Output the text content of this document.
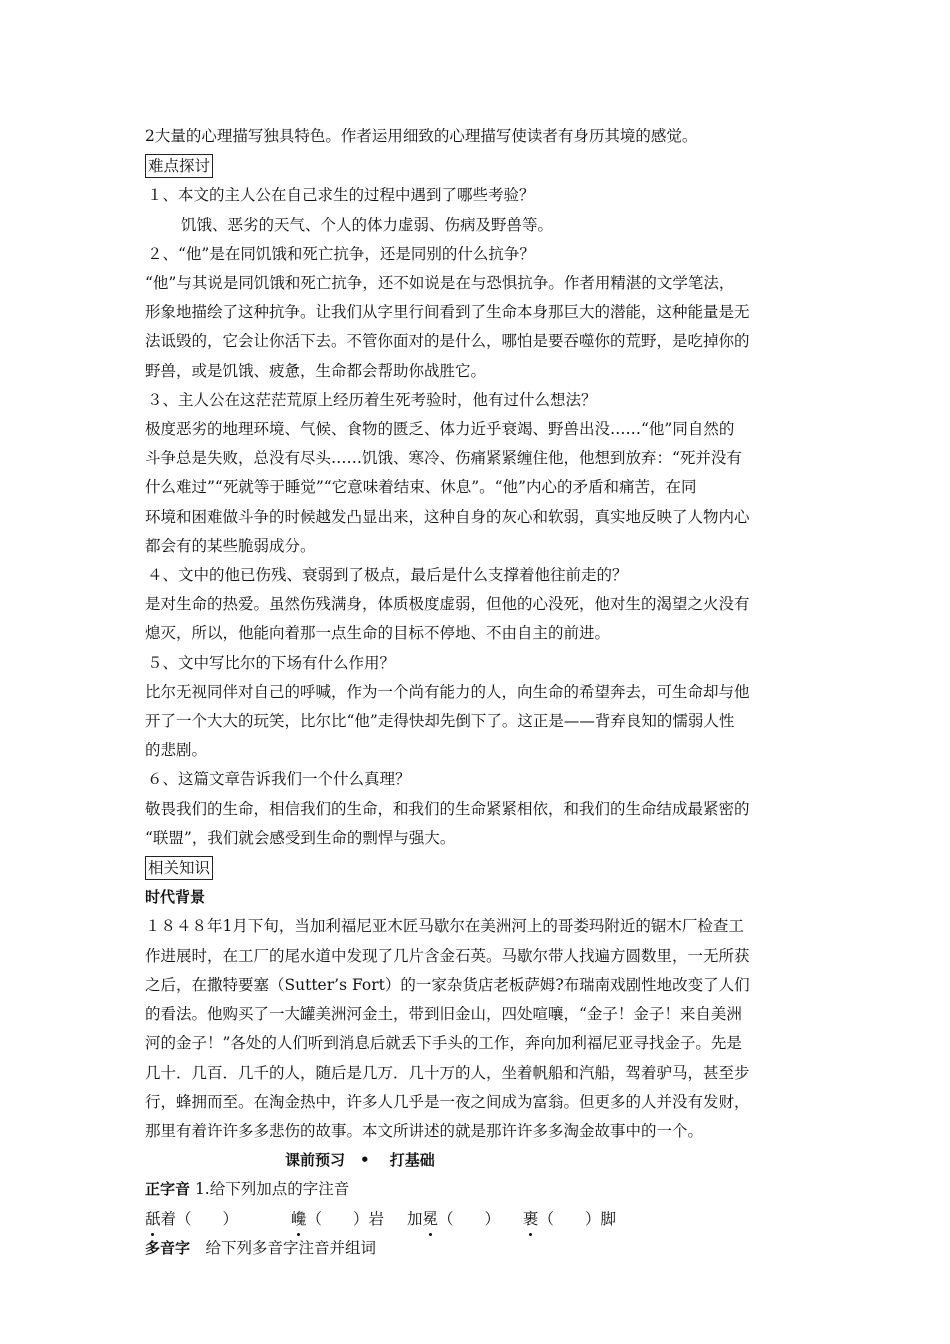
2大量的心理描写独具特色。作者运用细致的心理描写使读者有身历其境的感觉。
难点探讨
１、本文的主人公在自己求生的过程中遇到了哪些考验？
饥饿、恶劣的天气、个人的体力虚弱、伤病及野兽等。
２、“他”是在同饥饿和死亡抗争，还是同别的什么抗争？
“他”与其说是同饥饿和死亡抗争，还不如说是在与恐惧抗争。作者用精湛的文学笔法，
形象地描绘了这种抗争。让我们从字里行间看到了生命本身那巨大的潜能，这种能量是无
法诋毁的，它会让你活下去。不管你面对的是什么，哪怕是要吞噬你的荒野，是吃掉你的
野兽，或是饥饿、疲惫，生命都会帮助你战胜它。
３、主人公在这茫茫荒原上经历着生死考验时，他有过什么想法？
极度恶劣的地理环境、气候、食物的匮乏、体力近乎衰竭、野兽出没……“他”同自然的
斗争总是失败，总没有尽头……饥饿、寒冷、伤痛紧紧缠住他，他想到放弃：“死并没有
什么难过”“死就等于睡觉”“它意味着结束、休息”。“他”内心的矛盾和痛苦，在同
环境和困难做斗争的时候越发凸显出来，这种自身的灰心和软弱，真实地反映了人物内心
都会有的某些脆弱成分。
４、文中的他已伤残、衰弱到了极点，最后是什么支撑着他往前走的？
是对生命的热爱。虽然伤残满身，体质极度虚弱，但他的心没死，他对生的渴望之火没有
熄灭，所以，他能向着那一点生命的目标不停地、不由自主的前进。
５、文中写比尔的下场有什么作用？
比尔无视同伴对自己的呼喊，作为一个尚有能力的人，向生命的希望奔去，可生命却与他
开了一个大大的玩笑，比尔比“他”走得快却先倒下了。这正是——背弃良知的懦弱人性
的悲剧。
６、这篇文章告诉我们一个什么真理？
敬畏我们的生命，相信我们的生命，和我们的生命紧紧相依，和我们的生命结成最紧密的
“联盟”，我们就会感受到生命的剽悍与强大。
相关知识
时代背景
１８４８年1月下旬，当加利福尼亚木匠马歇尔在美洲河上的哥娄玛附近的锯木厂检查工
作进展时，在工厂的尾水道中发现了几片含金石英。马歇尔带人找遍方圆数里，一无所获
之后，在撒特要塞（Sutter’s Fort）的一家杂货店老板萨姆?布瑞南戏剧性地改变了人们
的看法。他购买了一大罐美洲河金土，带到旧金山，四处喧嚷，“金子！金子！来自美洲
河的金子！”各处的人们听到消息后就丢下手头的工作，奔向加利福尼亚寻找金子。先是
几十．几百．几千的人，随后是几万．几十万的人，坐着帆船和汽船，驾着驴马，甚至步
行，蜂拥而至。在淘金热中，许多人几乎是一夜之间成为富翁。但更多的人并没有发财，
那里有着许许多多悲伤的故事。本文所讲述的就是那许许多多淘金故事中的一个。
课前预习　•　 打基础
正字音 1.给下列加点的字注音
舐着（　　）	巉（　　）岩 加冕（　　） 裹（　　）脚
多音字　给下列多音字注音并组词
